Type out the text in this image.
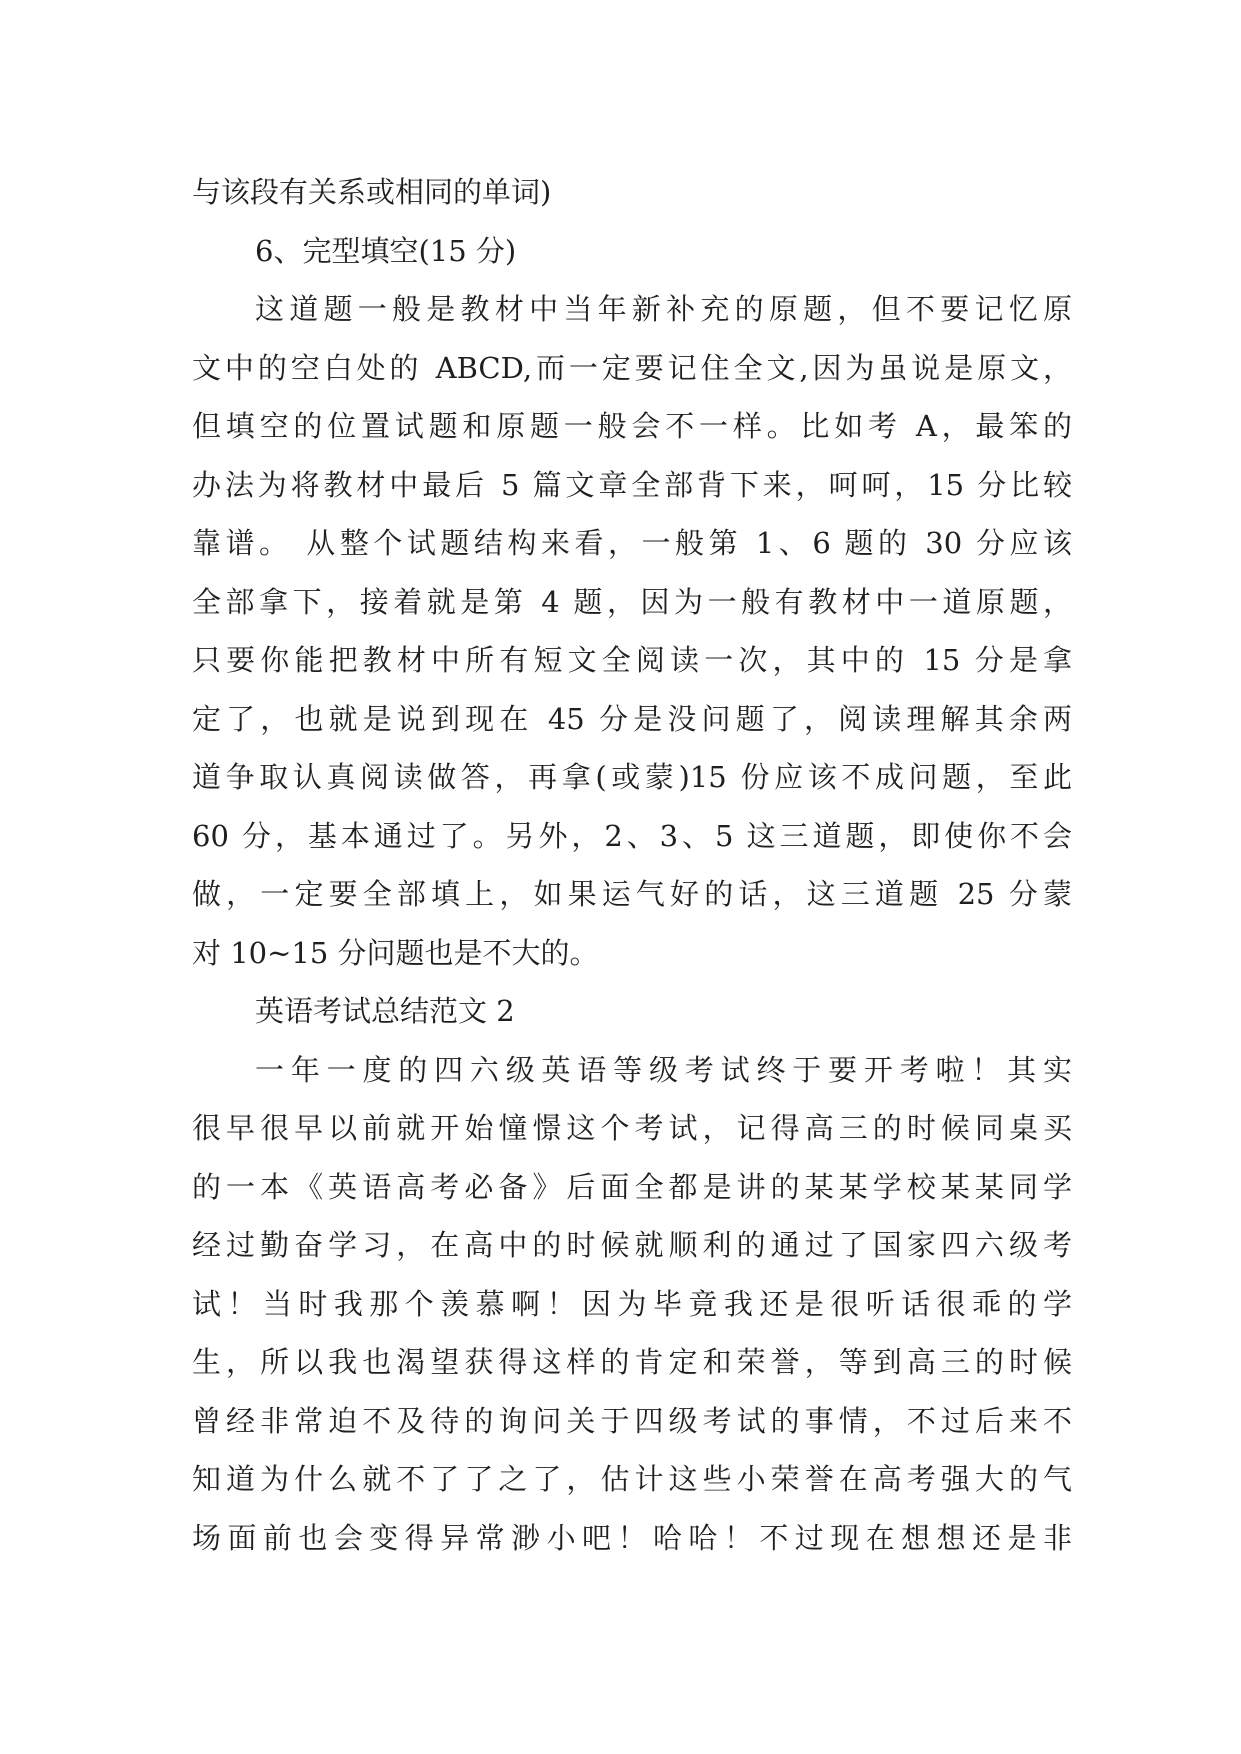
与该段有关系或相同的单词)
6、完型填空(15 分)
这道题一般是教材中当年新补充的原题，但不要记忆原
文中的空白处的 ABCD,而一定要记住全文,因为虽说是原文，
但填空的位置试题和原题一般会不一样。比如考 A，最笨的
办法为将教材中最后 5 篇文章全部背下来，呵呵，15 分比较
靠谱。 从整个试题结构来看，一般第 1、6 题的 30 分应该
全部拿下，接着就是第 4 题，因为一般有教材中一道原题，
只要你能把教材中所有短文全阅读一次，其中的 15 分是拿
定了，也就是说到现在 45 分是没问题了，阅读理解其余两
道争取认真阅读做答，再拿(或蒙)15 份应该不成问题，至此
60 分，基本通过了。另外，2、3、5 这三道题，即使你不会
做，一定要全部填上，如果运气好的话，这三道题 25 分蒙
对 10~15 分问题也是不大的。
英语考试总结范文 2
一年一度的四六级英语等级考试终于要开考啦！其实
很早很早以前就开始憧憬这个考试，记得高三的时候同桌买
的一本《英语高考必备》后面全都是讲的某某学校某某同学
经过勤奋学习，在高中的时候就顺利的通过了国家四六级考
试！当时我那个羡慕啊！因为毕竟我还是很听话很乖的学
生，所以我也渴望获得这样的肯定和荣誉，等到高三的时候
曾经非常迫不及待的询问关于四级考试的事情，不过后来不
知道为什么就不了了之了，估计这些小荣誉在高考强大的气
场面前也会变得异常渺小吧！哈哈！不过现在想想还是非
